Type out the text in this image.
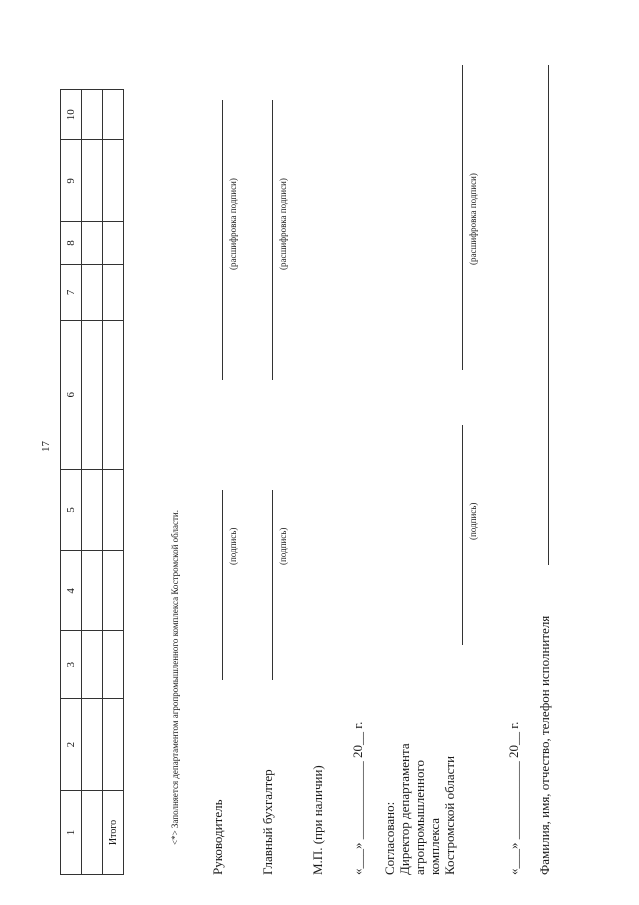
17
1	2	3	4	5	6	7	8	9	10

Итого										<*> Заполняется департаментом агропромышленного комплекса Костромской области. Руководитель
(подпись)
(расшифровка подписи)
Главный бухгалтер
(подпись)
(расшифровка подписи)
М.П. (при наличии) «___» ____________ 20__ г. Согласовано: Директор департамента агропромышленного комплекса Костромской области
(подпись)
(расшифровка подписи)
«___» ____________ 20__ г. Фамилия, имя, отчество, телефон исполнителя
